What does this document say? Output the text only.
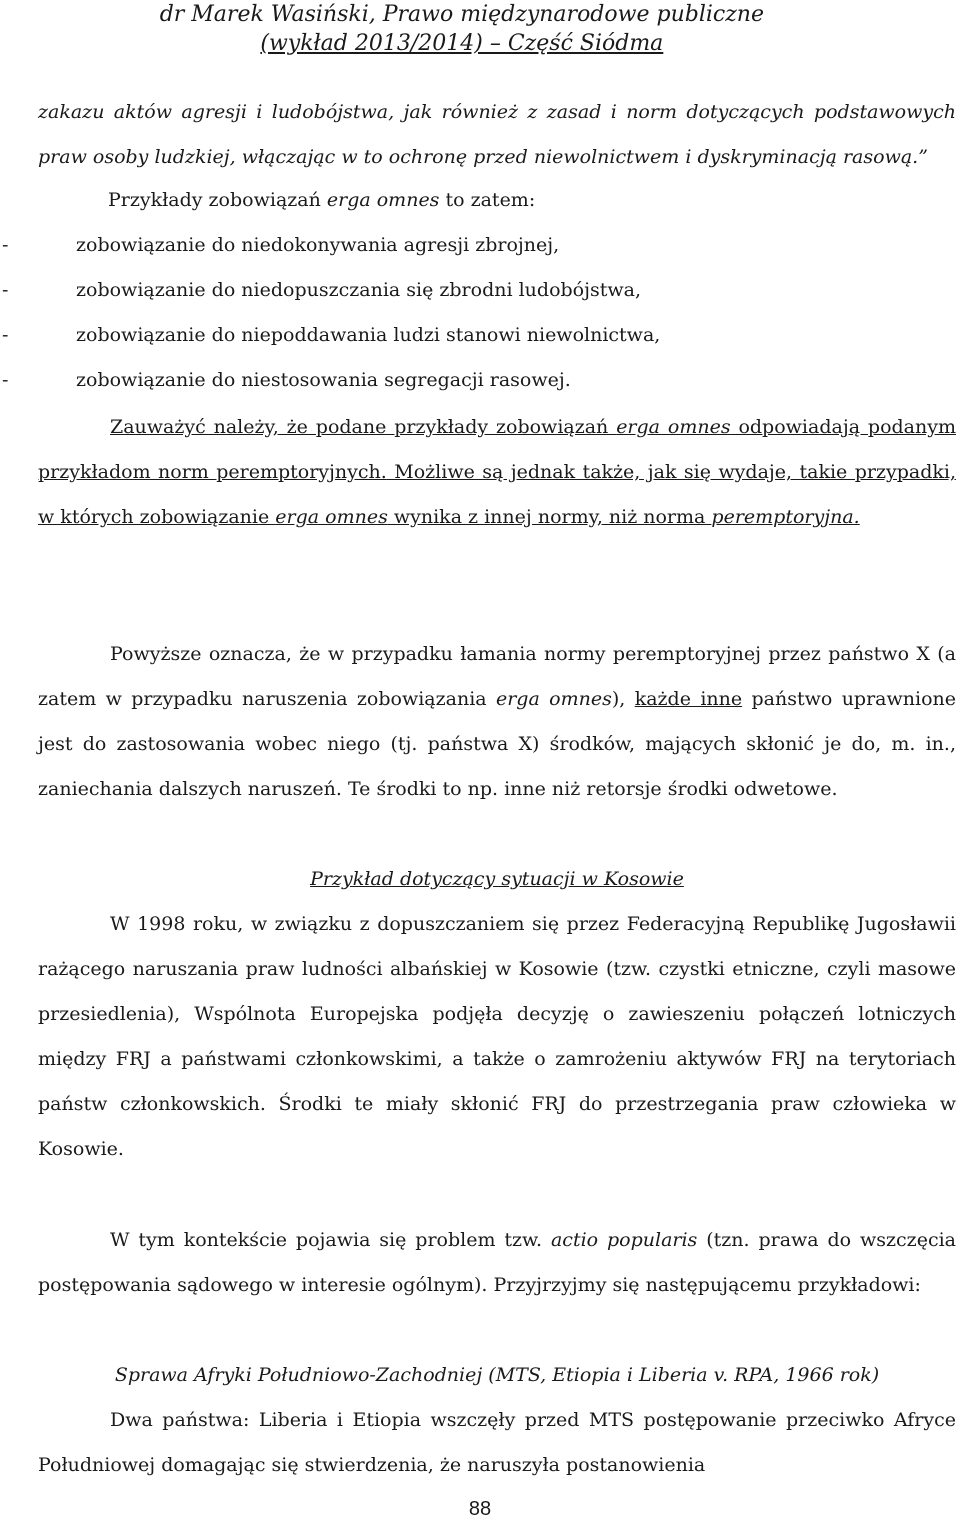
dr Marek Wasiński, Prawo międzynarodowe publiczne
(wykład 2013/2014) – Część Siódma

zakazu aktów agresji i ludobójstwa, jak również z zasad i norm dotyczących podstawowych praw osoby ludzkiej, włączając w to ochronę przed niewolnictwem i dyskryminacją rasową.”

Przykłady zobowiązań erga omnes to zatem:

-	zobowiązanie do niedokonywania agresji zbrojnej,
-	zobowiązanie do niedopuszczania się zbrodni ludobójstwa,
-	zobowiązanie do niepoddawania ludzi stanowi niewolnictwa,
-	zobowiązanie do niestosowania segregacji rasowej.

Zauważyć należy, że podane przykłady zobowiązań erga omnes odpowiadają podanym przykładom norm peremptoryjnych. Możliwe są jednak także, jak się wydaje, takie przypadki, w których zobowiązanie erga omnes wynika z innej normy, niż norma peremptoryjna.

Powyższe oznacza, że w przypadku łamania normy peremptoryjnej przez państwo X (a zatem w przypadku naruszenia zobowiązania erga omnes), każde inne państwo uprawnione jest do zastosowania wobec niego (tj. państwa X) środków, mających skłonić je do, m. in., zaniechania dalszych naruszeń. Te środki to np. inne niż retorsje środki odwetowe.

Przykład dotyczący sytuacji w Kosowie

W 1998 roku, w związku z dopuszczaniem się przez Federacyjną Republikę Jugosławii rażącego naruszania praw ludności albańskiej w Kosowie (tzw. czystki etniczne, czyli masowe przesiedlenia), Wspólnota Europejska podjęła decyzję o zawieszeniu połączeń lotniczych między FRJ a państwami członkowskimi, a także o zamrożeniu aktywów FRJ na terytoriach państw członkowskich. Środki te miały skłonić FRJ do przestrzegania praw człowieka w Kosowie.

W tym kontekście pojawia się problem tzw. actio popularis (tzn. prawa do wszczęcia postępowania sądowego w interesie ogólnym). Przyjrzyjmy się następującemu przykładowi:

Sprawa Afryki Południowo-Zachodniej (MTS, Etiopia i Liberia v. RPA, 1966 rok)

Dwa państwa: Liberia i Etiopia wszczęły przed MTS postępowanie przeciwko Afryce Południowej domagając się stwierdzenia, że naruszyła postanowienia

88
